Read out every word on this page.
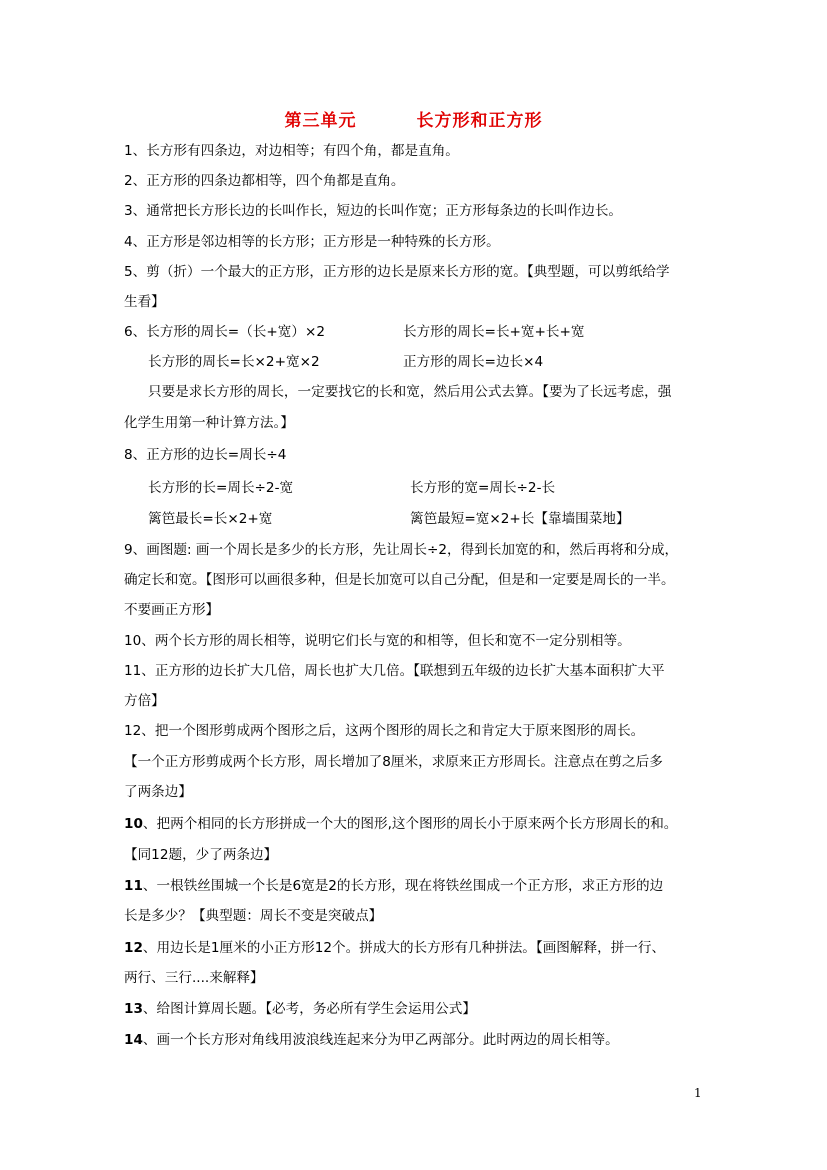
第三单元	长方形和正方形
1、长方形有四条边，对边相等；有四个角，都是直角。
2、正方形的四条边都相等，四个角都是直角。
3、通常把长方形长边的长叫作长，短边的长叫作宽；正方形每条边的长叫作边长。
4、正方形是邻边相等的长方形；正方形是一种特殊的长方形。
5、剪（折）一个最大的正方形，正方形的边长是原来长方形的宽。【典型题，可以剪纸给学
生看】
6、长方形的周长=（长+宽）×2	长方形的周长=长+宽+长+宽
长方形的周长=长×2+宽×2	正方形的周长=边长×4
只要是求长方形的周长，一定要找它的长和宽，然后用公式去算。【要为了长远考虑，强
化学生用第一种计算方法。】
8、正方形的边长=周长÷4
长方形的长=周长÷2-宽	长方形的宽=周长÷2-长
篱笆最长=长×2+宽	篱笆最短=宽×2+长【靠墙围菜地】
9、画图题: 画一个周长是多少的长方形，先让周长÷2，得到长加宽的和，然后再将和分成，
确定长和宽。【图形可以画很多种，但是长加宽可以自己分配，但是和一定要是周长的一半。
不要画正方形】
10、两个长方形的周长相等，说明它们长与宽的和相等，但长和宽不一定分别相等。
11、正方形的边长扩大几倍，周长也扩大几倍。【联想到五年级的边长扩大基本面积扩大平
方倍】
12、把一个图形剪成两个图形之后，这两个图形的周长之和肯定大于原来图形的周长。
【一个正方形剪成两个长方形，周长增加了8厘米，求原来正方形周长。注意点在剪之后多
了两条边】
10、把两个相同的长方形拼成一个大的图形,这个图形的周长小于原来两个长方形周长的和。
【同12题，少了两条边】
11、一根铁丝围城一个长是6宽是2的长方形，现在将铁丝围成一个正方形，求正方形的边
长是多少？【典型题：周长不变是突破点】
12、用边长是1厘米的小正方形12个。拼成大的长方形有几种拼法。【画图解释，拼一行、
两行、三行....来解释】
13、给图计算周长题。【必考，务必所有学生会运用公式】
14、画一个长方形对角线用波浪线连起来分为甲乙两部分。此时两边的周长相等。
1
